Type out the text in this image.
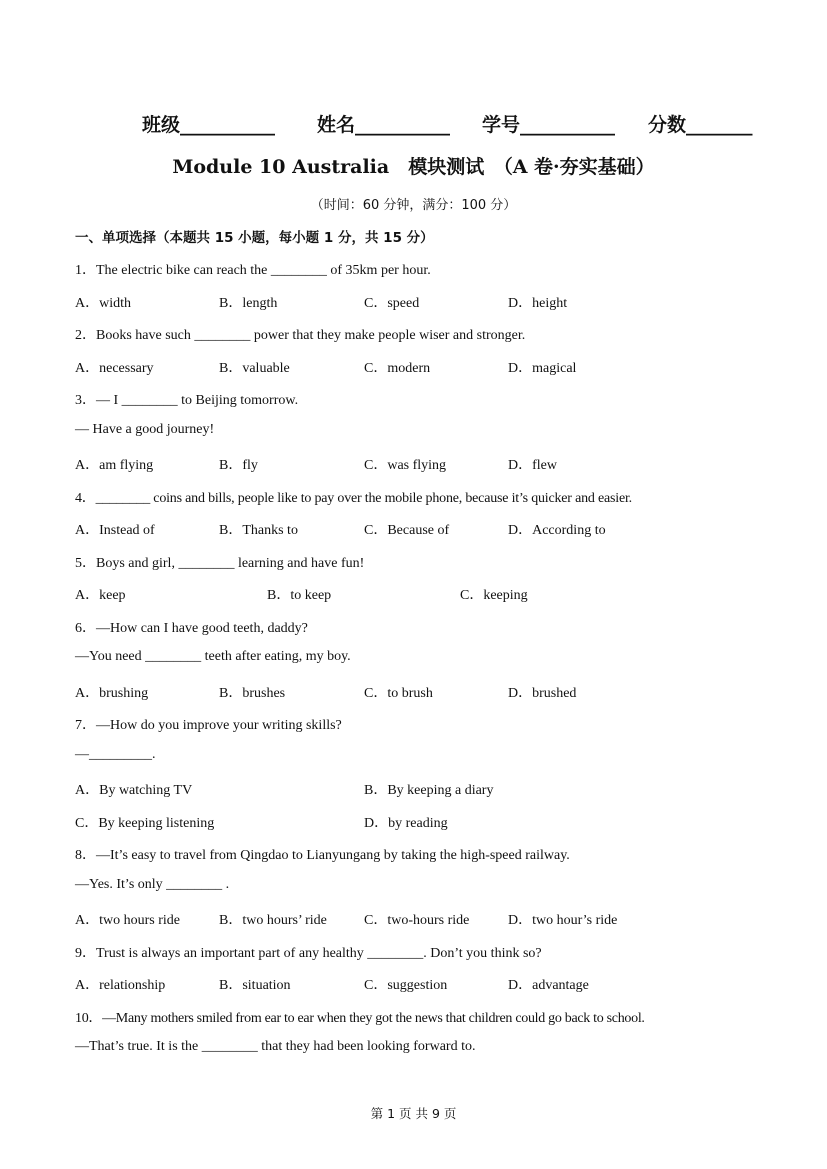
班级__________ 姓名__________ 学号__________ 分数_______
Module 10 Australia　模块测试　（A 卷·夯实基础）
（时间：60 分钟，满分：100 分）
一、单项选择（本题共 15 小题，每小题 1 分，共 15 分）
1．The electric bike can reach the ________ of 35km per hour.
A．width	B．length	C．speed	D．height
2．Books have such ________ power that they make people wiser and stronger.
A．necessary	B．valuable	C．modern	D．magical
3．— I ________ to Beijing tomorrow.
— Have a good journey!
A．am flying	B．fly	C．was flying	D．flew
4．________ coins and bills, people like to pay over the mobile phone, because it’s quicker and easier.
A．Instead of	B．Thanks to	C．Because of	D．According to
5．Boys and girl, ________ learning and have fun!
A．keep	B．to keep	C．keeping
6．—How can I have good teeth, daddy?
—You need ________ teeth after eating, my boy.
A．brushing	B．brushes	C．to brush	D．brushed
7．—How do you improve your writing skills?
—_________.
A．By watching TV	B．By keeping a diary
C．By keeping listening	D．by reading
8．—It’s easy to travel from Qingdao to Lianyungang by taking the high-speed railway.
—Yes. It’s only ________ .
A．two hours ride	B．two hours’ ride	C．two-hours ride	D．two hour’s ride
9．Trust is always an important part of any healthy ________. Don’t you think so?
A．relationship	B．situation	C．suggestion	D．advantage
10．—Many mothers smiled from ear to ear when they got the news that children could go back to school.
—That’s true. It is the ________ that they had been looking forward to.
第 1 页 共 9 页
